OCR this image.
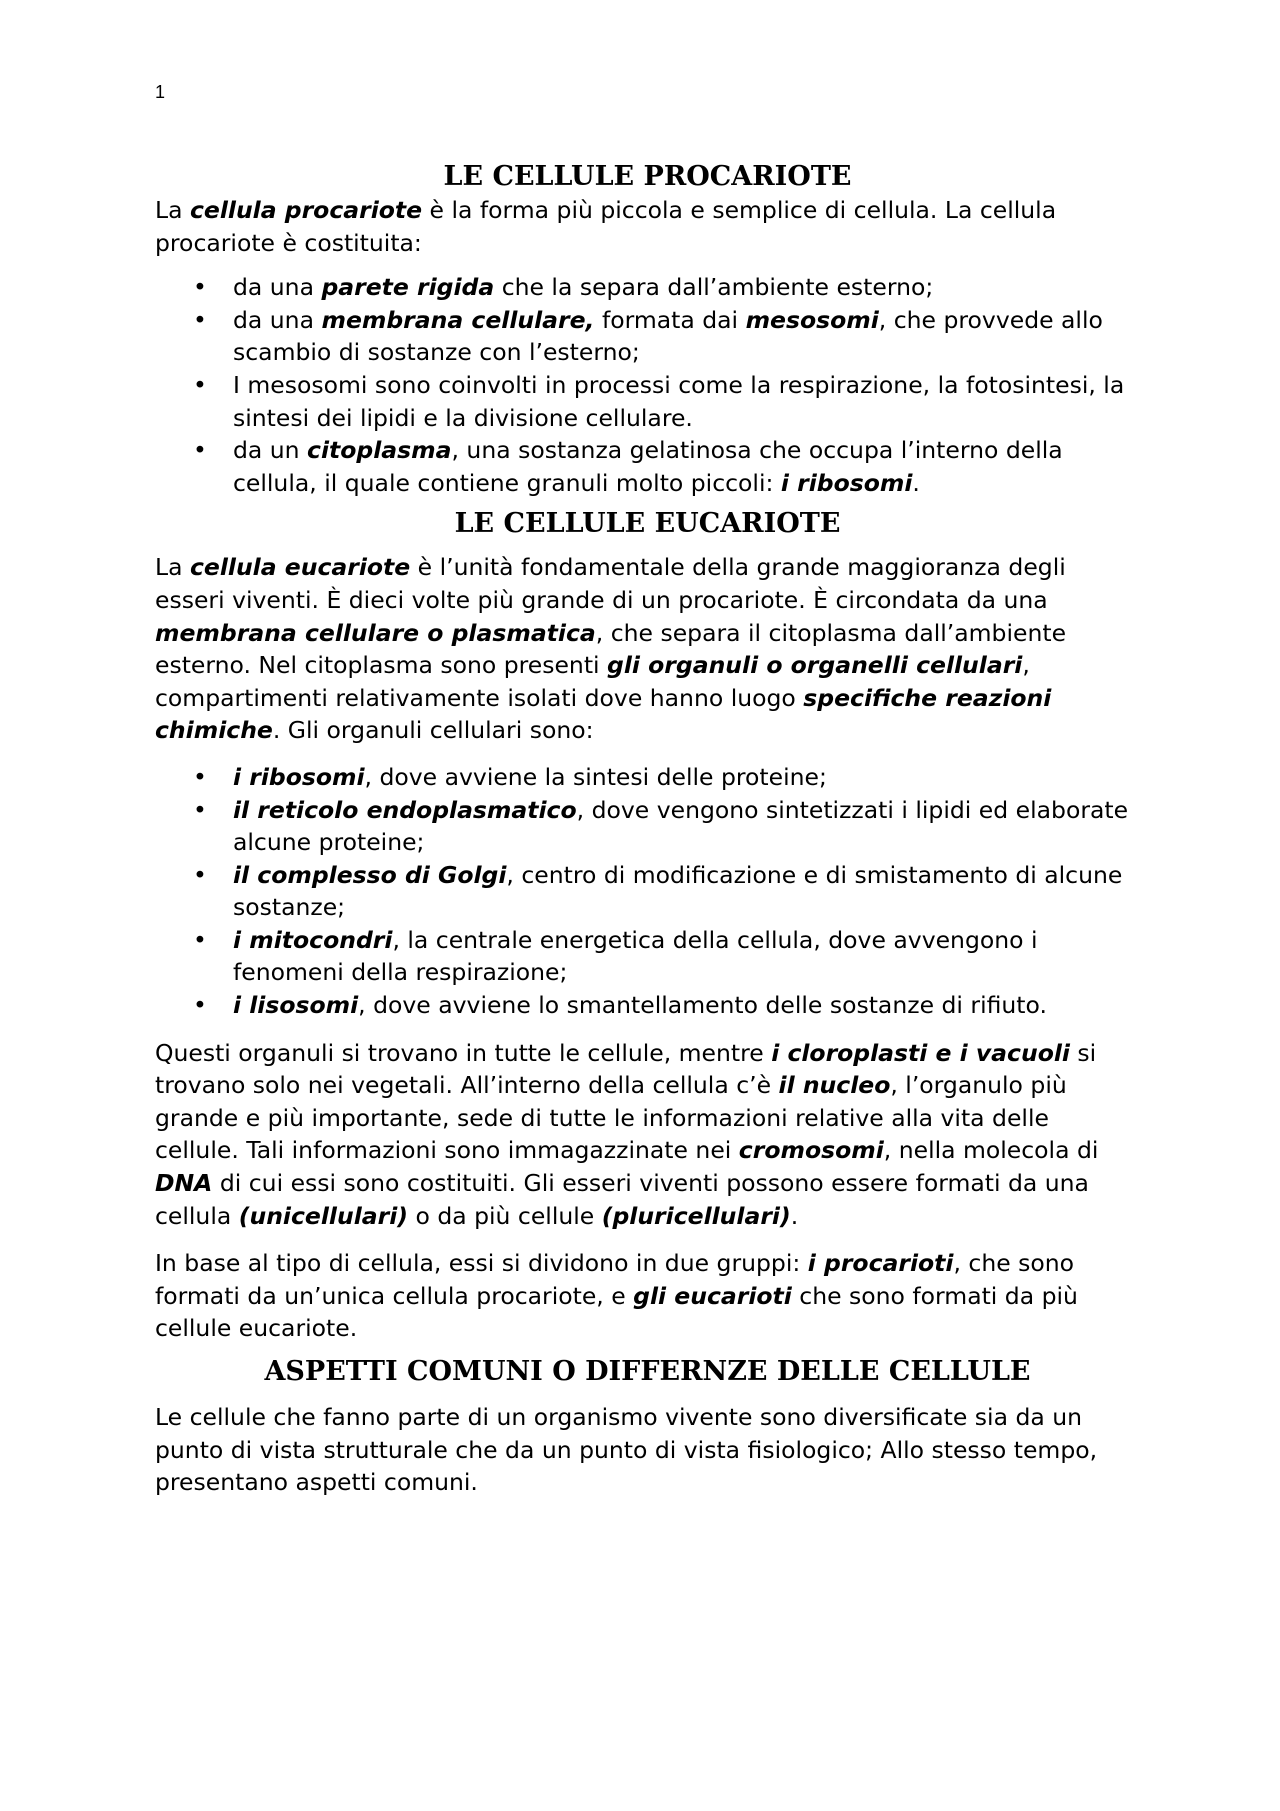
1
LE CELLULE PROCARIOTE

La cellula procariote è la forma più piccola e semplice di cellula. La cellula procariote è costituita:

• da una parete rigida che la separa dall’ambiente esterno;
• da una membrana cellulare, formata dai mesosomi, che provvede allo scambio di sostanze con l’esterno;
• I mesosomi sono coinvolti in processi come la respirazione, la fotosintesi, la sintesi dei lipidi e la divisione cellulare.
• da un citoplasma, una sostanza gelatinosa che occupa l’interno della cellula, il quale contiene granuli molto piccoli: i ribosomi.
LE CELLULE EUCARIOTE

La cellula eucariote è l’unità fondamentale della grande maggioranza degli esseri viventi. È dieci volte più grande di un procariote. È circondata da una membrana cellulare o plasmatica, che separa il citoplasma dall’ambiente esterno. Nel citoplasma sono presenti gli organuli o organelli cellulari, compartimenti relativamente isolati dove hanno luogo specifiche reazioni chimiche. Gli organuli cellulari sono:

• i ribosomi, dove avviene la sintesi delle proteine;
• il reticolo endoplasmatico, dove vengono sintetizzati i lipidi ed elaborate alcune proteine;
• il complesso di Golgi, centro di modificazione e di smistamento di alcune sostanze;
• i mitocondri, la centrale energetica della cellula, dove avvengono i fenomeni della respirazione;
• i lisosomi, dove avviene lo smantellamento delle sostanze di rifiuto.

Questi organuli si trovano in tutte le cellule, mentre i cloroplasti e i vacuoli si trovano solo nei vegetali. All’interno della cellula c’è il nucleo, l’organulo più grande e più importante, sede di tutte le informazioni relative alla vita delle cellule. Tali informazioni sono immagazzinate nei cromosomi, nella molecola di DNA di cui essi sono costituiti. Gli esseri viventi possono essere formati da una cellula (unicellulari) o da più cellule (pluricellulari).

In base al tipo di cellula, essi si dividono in due gruppi: i procarioti, che sono formati da un’unica cellula procariote, e gli eucarioti che sono formati da più cellule eucariote.

ASPETTI COMUNI O DIFFERNZE DELLE CELLULE

Le cellule che fanno parte di un organismo vivente sono diversificate sia da un punto di vista strutturale che da un punto di vista fisiologico; Allo stesso tempo, presentano aspetti comuni.
